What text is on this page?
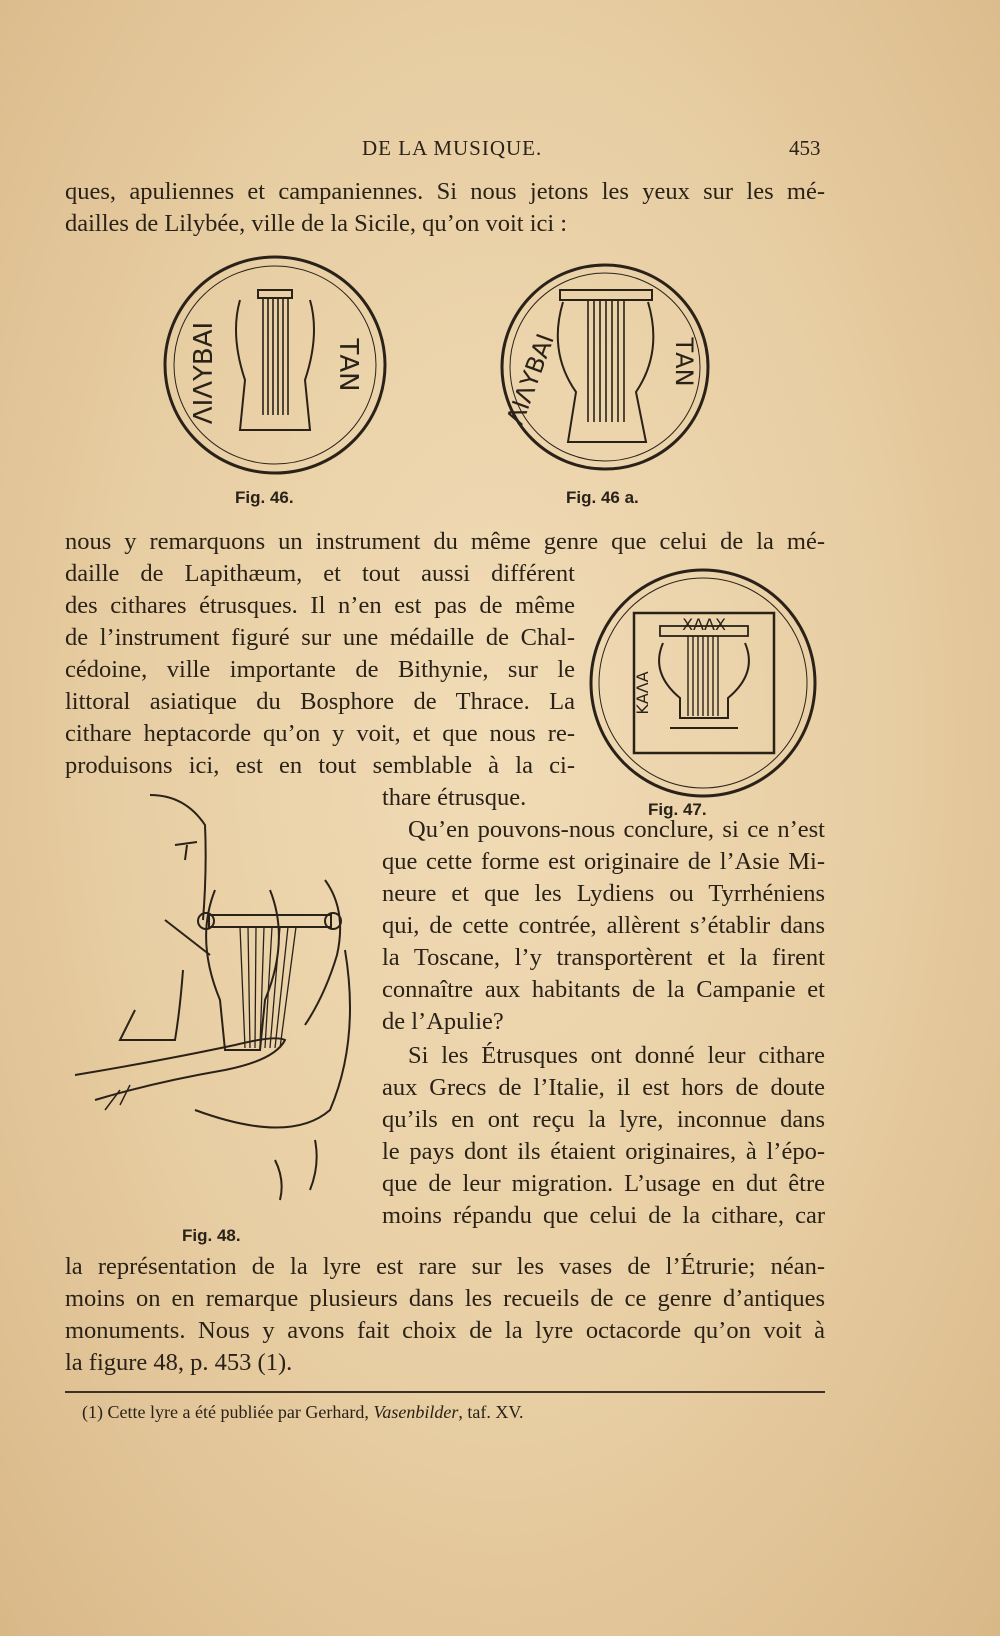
DE LA MUSIQUE.	453
ques, apuliennes et campaniennes. Si nous jetons les yeux sur les mé-
dailles de Lilybée, ville de la Sicile, qu’on voit ici :
ΛΙΛΥΒΑΙ	ΤΑΝ
Fig. 46.
ΛΙΛΥΒΑΙ	ΤΑΝ
Fig. 46 a.
nous y remarquons un instrument du même genre que celui de la mé-
daille de Lapithæum, et tout aussi différent
des cithares étrusques. Il n’en est pas de même
de l’instrument figuré sur une médaille de Chal-
cédoine, ville importante de Bithynie, sur le
littoral asiatique du Bosphore de Thrace. La
cithare heptacorde qu’on y voit, et que nous re-
produisons ici, est en tout semblable à la ci-
thare étrusque.
ΧΑΛΧ
ΚΑΛΑ
Fig. 47.
Qu’en pouvons-nous conclure, si ce n’est
que cette forme est originaire de l’Asie Mi-
neure et que les Lydiens ou Tyrrhéniens
qui, de cette contrée, allèrent s’établir dans
la Toscane, l’y transportèrent et la firent
connaître aux habitants de la Campanie et
de l’Apulie?
Fig. 48.
Si les Étrusques ont donné leur cithare
aux Grecs de l’Italie, il est hors de doute
qu’ils en ont reçu la lyre, inconnue dans
le pays dont ils étaient originaires, à l’épo-
que de leur migration. L’usage en dut être
moins répandu que celui de la cithare, car
la représentation de la lyre est rare sur les vases de l’Étrurie; néan-
moins on en remarque plusieurs dans les recueils de ce genre d’antiques
monuments. Nous y avons fait choix de la lyre octacorde qu’on voit à
la figure 48, p. 453 (1).
(1) Cette lyre a été publiée par Gerhard, Vasenbilder, taf. XV.
